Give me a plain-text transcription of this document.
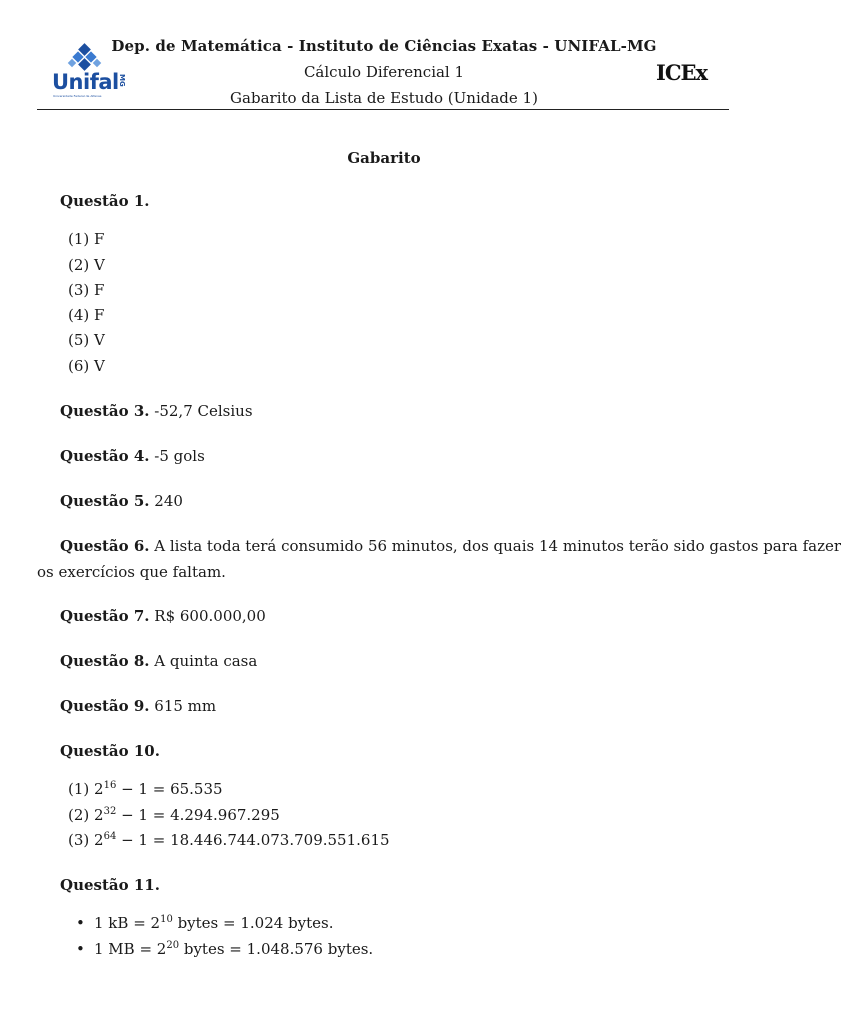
Unifal MG
Universidade Federal de Alfenas
Dep. de Matemática - Instituto de Ciências Exatas - UNIFAL-MG
Cálculo Diferencial 1
Gabarito da Lista de Estudo (Unidade 1)
ICEx
Gabarito
Questão 1.
(1) F
(2) V
(3) F
(4) F
(5) V
(6) V
Questão 3. -52,7 Celsius
Questão 4. -5 gols
Questão 5. 240
Questão 6. A lista toda terá consumido 56 minutos, dos quais 14 minutos terão sido gastos para fazer
os exercícios que faltam.
Questão 7. R$ 600.000,00
Questão 8. A quinta casa
Questão 9. 615 mm
Questão 10.
(1) $2^{16} - 1 = 65.535$
(2) $2^{32} - 1 = 4.294.967.295$
(3) $2^{64} - 1 = 18.446.744.073.709.551.615$
Questão 11.
• 1 kB = $2^{10}$ bytes = 1.024 bytes.
• 1 MB = $2^{20}$ bytes = 1.048.576 bytes.
